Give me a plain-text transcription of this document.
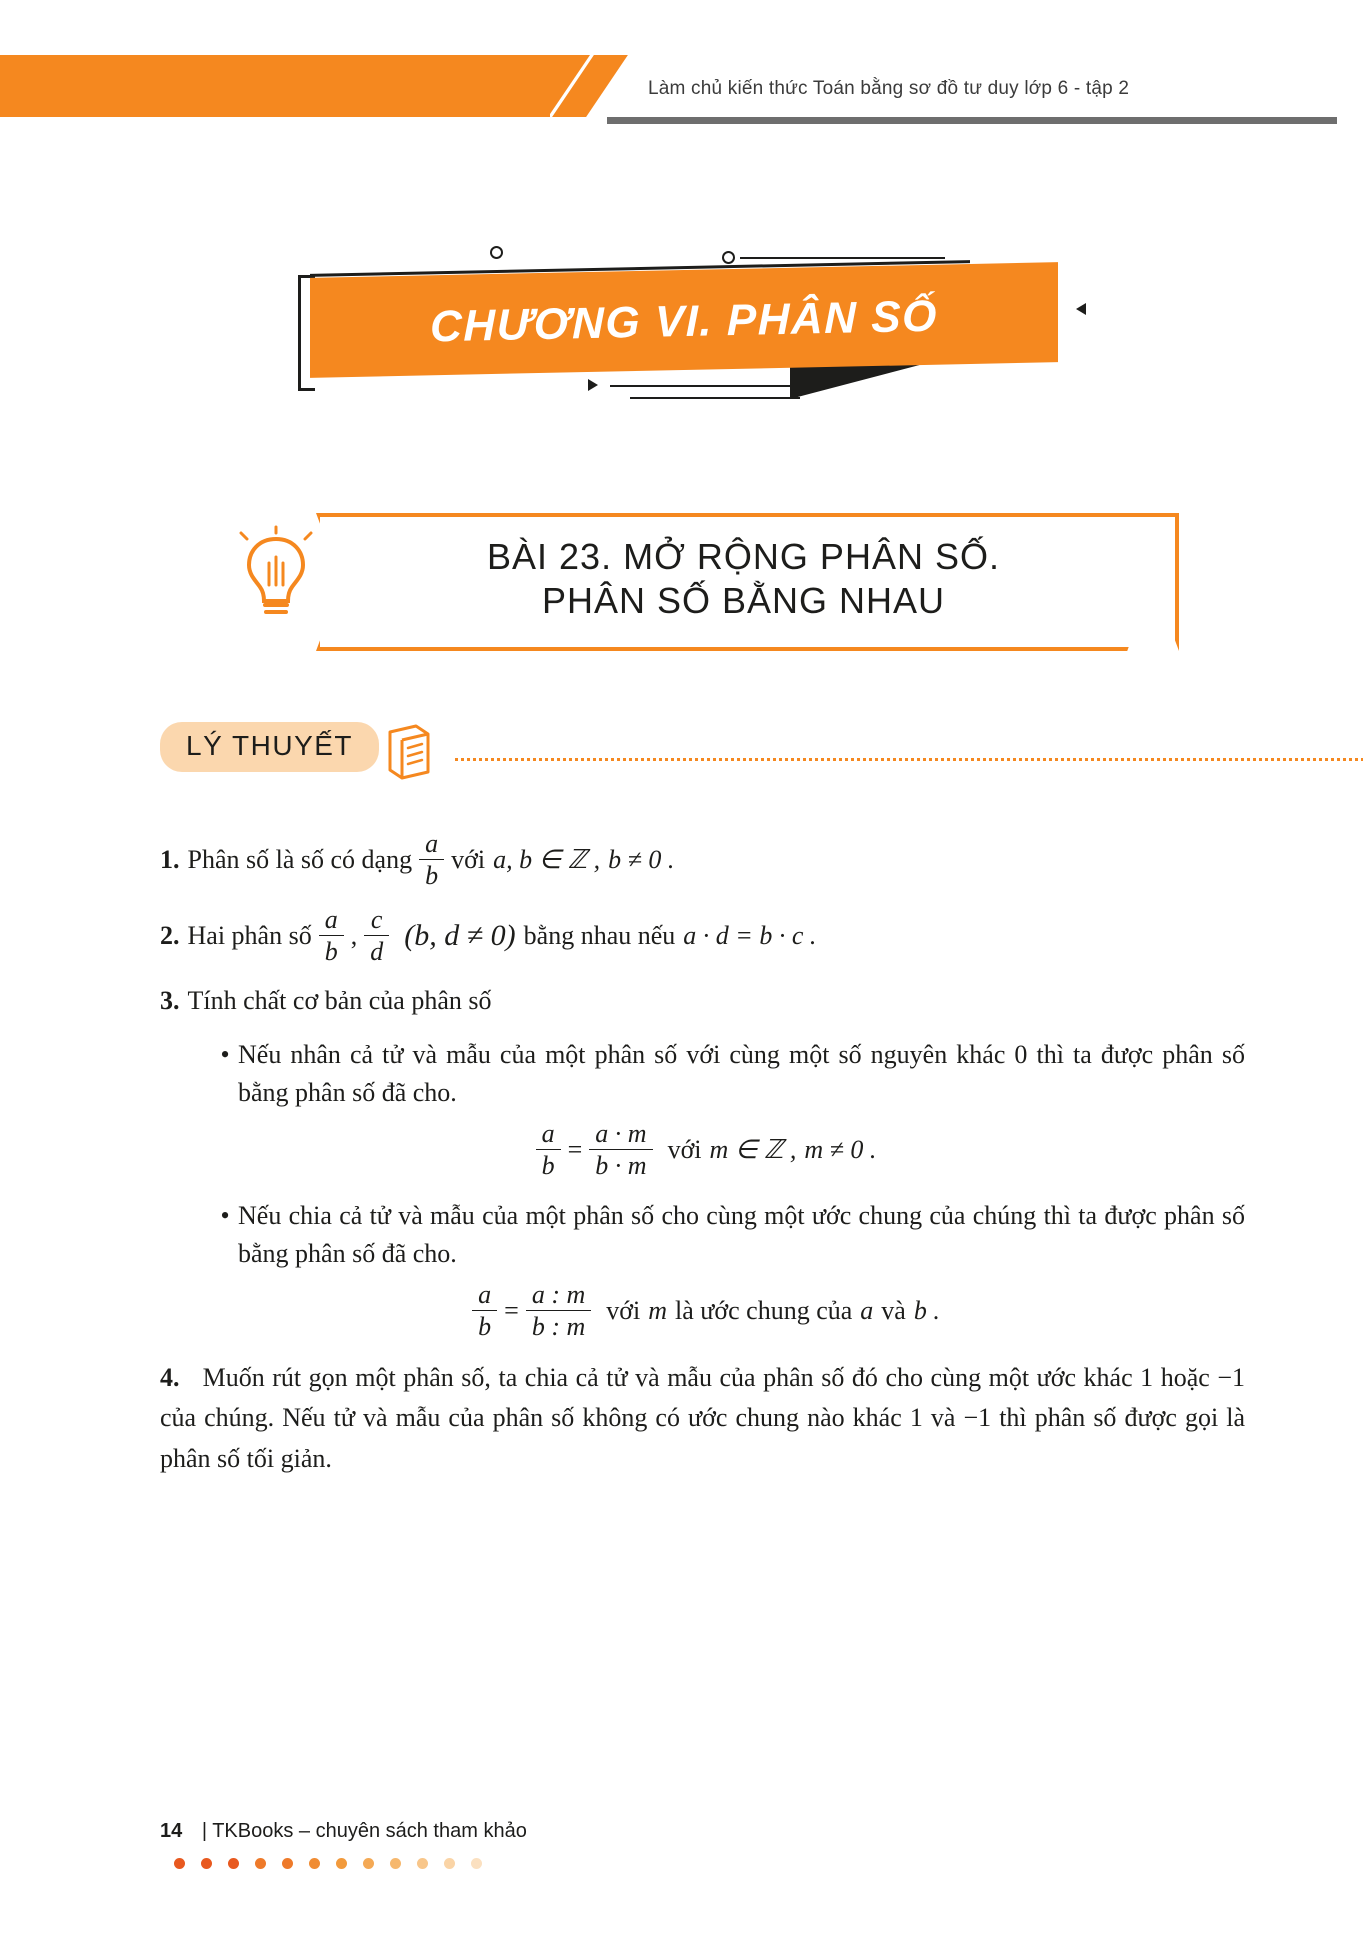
Làm chủ kiến thức Toán bằng sơ đồ tư duy lớp 6 - tập 2
CHƯƠNG VI. PHÂN SỐ
BÀI 23. MỞ RỘNG PHÂN SỐ.
PHÂN SỐ BẰNG NHAU
LÝ THUYẾT
1. Phân số là số có dạng $\frac{a}{b}$ với a, b ∈ ℤ , b ≠ 0 .
2. Hai phân số $\frac{a}{b}$ , $\frac{c}{d} (b$, d ≠ 0) bằng nhau nếu a · d = b · c .
3. Tính chất cơ bản của phân số
• Nếu nhân cả tử và mẫu của một phân số với cùng một số nguyên khác 0 thì ta được phân số bằng phân số đã cho.
$\frac{a}{b} = \frac{a \cdot m}{b \cdot m}$ với m ∈ ℤ , m ≠ 0 .
• Nếu chia cả tử và mẫu của một phân số cho cùng một ước chung của chúng thì ta được phân số bằng phân số đã cho.
$\frac{a}{b} = \frac{a : m}{b : m}$ với m là ước chung của a và b .
4. Muốn rút gọn một phân số, ta chia cả tử và mẫu của phân số đó cho cùng một ước khác 1 hoặc −1 của chúng. Nếu tử và mẫu của phân số không có ước chung nào khác 1 và −1 thì phân số được gọi là phân số tối giản.
14 | TKBooks – chuyên sách tham khảo
